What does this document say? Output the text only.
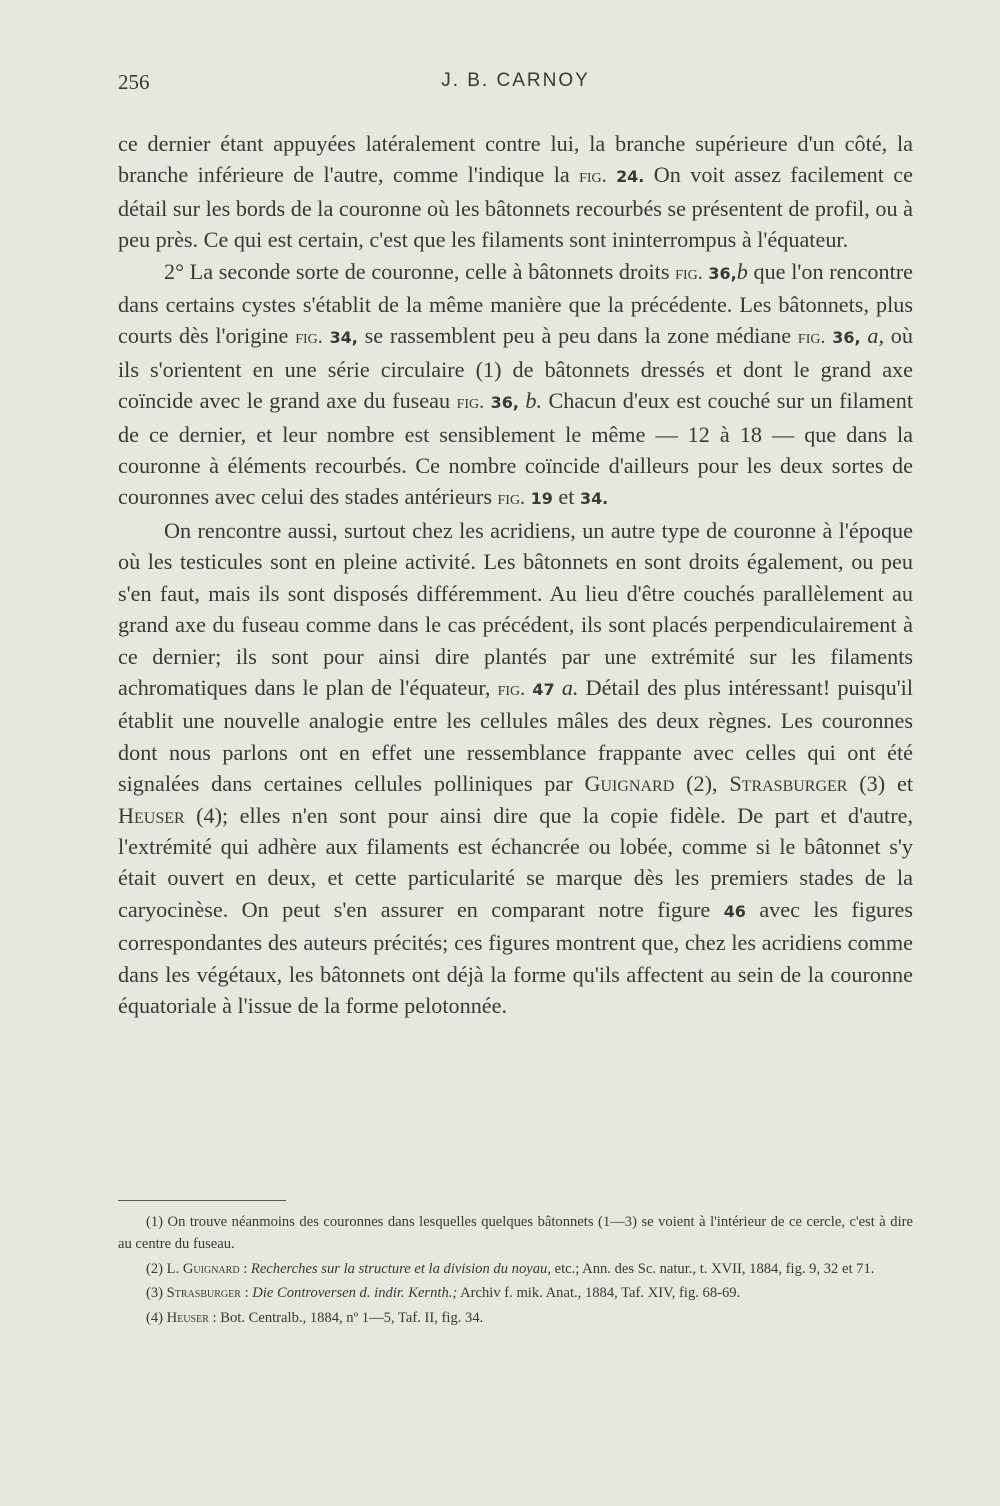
256	J. B. CARNOY

ce dernier étant appuyées latéralement contre lui, la branche supérieure d'un côté, la branche inférieure de l'autre, comme l'indique la fig. 24. On voit assez facilement ce détail sur les bords de la couronne où les bâtonnets recourbés se présentent de profil, ou à peu près. Ce qui est certain, c'est que les filaments sont ininterrompus à l'équateur.

2° La seconde sorte de couronne, celle à bâtonnets droits fig. 36,b que l'on rencontre dans certains cystes s'établit de la même manière que la précédente. Les bâtonnets, plus courts dès l'origine fig. 34, se rassemblent peu à peu dans la zone médiane fig. 36, a, où ils s'orientent en une série circulaire (1) de bâtonnets dressés et dont le grand axe coïncide avec le grand axe du fuseau fig. 36, b. Chacun d'eux est couché sur un filament de ce dernier, et leur nombre est sensiblement le même — 12 à 18 — que dans la couronne à éléments recourbés. Ce nombre coïncide d'ailleurs pour les deux sortes de couronnes avec celui des stades antérieurs fig. 19 et 34.

On rencontre aussi, surtout chez les acridiens, un autre type de couronne à l'époque où les testicules sont en pleine activité. Les bâtonnets en sont droits également, ou peu s'en faut, mais ils sont disposés différemment. Au lieu d'être couchés parallèlement au grand axe du fuseau comme dans le cas précédent, ils sont placés perpendiculairement à ce dernier; ils sont pour ainsi dire plantés par une extrémité sur les filaments achromatiques dans le plan de l'équateur, fig. 47 a. Détail des plus intéressant! puisqu'il établit une nouvelle analogie entre les cellules mâles des deux règnes. Les couronnes dont nous parlons ont en effet une ressemblance frappante avec celles qui ont été signalées dans certaines cellules polliniques par Guignard (2), Strasburger (3) et Heuser (4); elles n'en sont pour ainsi dire que la copie fidèle. De part et d'autre, l'extrémité qui adhère aux filaments est échancrée ou lobée, comme si le bâtonnet s'y était ouvert en deux, et cette particularité se marque dès les premiers stades de la caryocinèse. On peut s'en assurer en comparant notre figure 46 avec les figures correspondantes des auteurs précités; ces figures montrent que, chez les acridiens comme dans les végétaux, les bâtonnets ont déjà la forme qu'ils affectent au sein de la couronne équatoriale à l'issue de la forme pelotonnée.

(1) On trouve néanmoins des couronnes dans lesquelles quelques bâtonnets (1—3) se voient à l'intérieur de ce cercle, c'est à dire au centre du fuseau.

(2) L. Guignard : Recherches sur la structure et la division du noyau, etc.; Ann. des Sc. natur., t. XVII, 1884, fig. 9, 32 et 71.

(3) Strasburger : Die Controversen d. indir. Kernth.; Archiv f. mik. Anat., 1884, Taf. XIV, fig. 68-69.

(4) Heuser : Bot. Centralb., 1884, nº 1—5, Taf. II, fig. 34.
